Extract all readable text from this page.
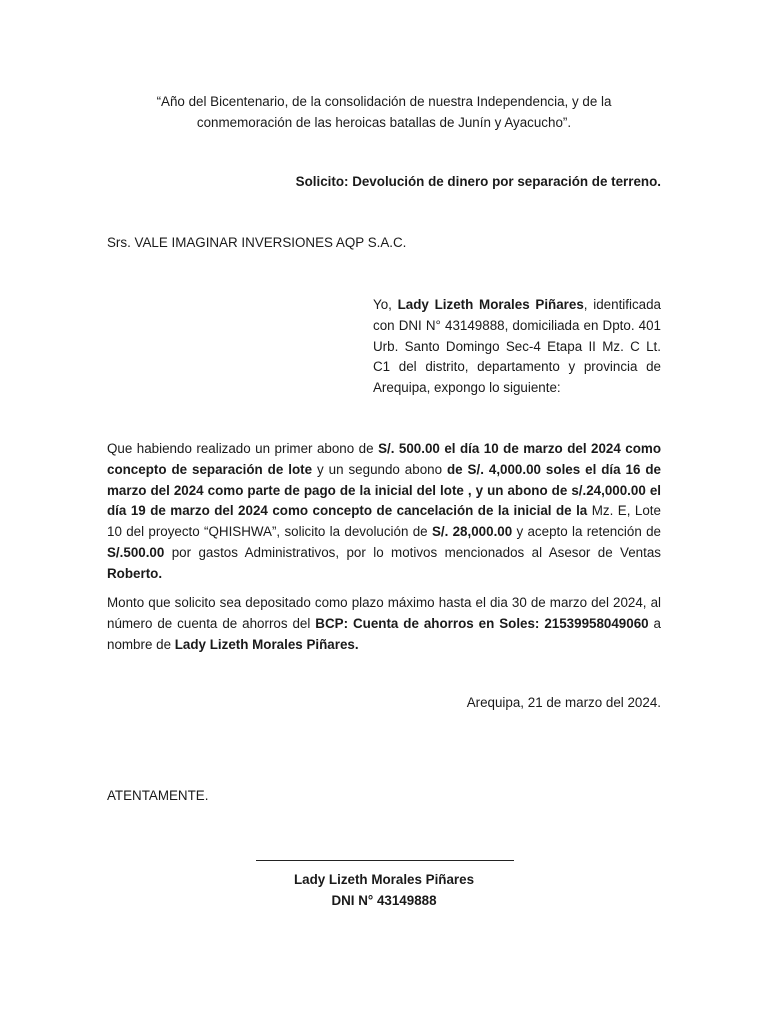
“Año del Bicentenario, de la consolidación de nuestra Independencia, y de la

conmemoración de las heroicas batallas de Junín y Ayacucho”.

Solicito: Devolución de dinero por separación de terreno.

Srs. VALE IMAGINAR INVERSIONES AQP S.A.C.

Yo, Lady Lizeth Morales Piñares, identificada con DNI N° 43149888, domiciliada en Dpto. 401 Urb. Santo Domingo Sec-4 Etapa II Mz. C Lt. C1 del distrito, departamento y provincia de Arequipa, expongo lo siguiente:

Que habiendo realizado un primer abono de S/. 500.00 el día 10 de marzo del 2024 como concepto de separación de lote y un segundo abono de S/. 4,000.00 soles el día 16 de marzo del 2024 como parte de pago de la inicial del lote , y un abono de s/.24,000.00 el día 19 de marzo del 2024 como concepto de cancelación de la inicial de la Mz. E, Lote 10 del proyecto “QHISHWA”, solicito la devolución de S/. 28,000.00 y acepto la retención de S/.500.00 por gastos Administrativos, por lo motivos mencionados al Asesor de Ventas Roberto.

Monto que solicito sea depositado como plazo máximo hasta el dia 30 de marzo del 2024, al número de cuenta de ahorros del BCP: Cuenta de ahorros en Soles: 21539958049060 a nombre de Lady Lizeth Morales Piñares.

Arequipa, 21 de marzo del 2024.

ATENTAMENTE.

Lady Lizeth Morales Piñares

DNI N° 43149888
